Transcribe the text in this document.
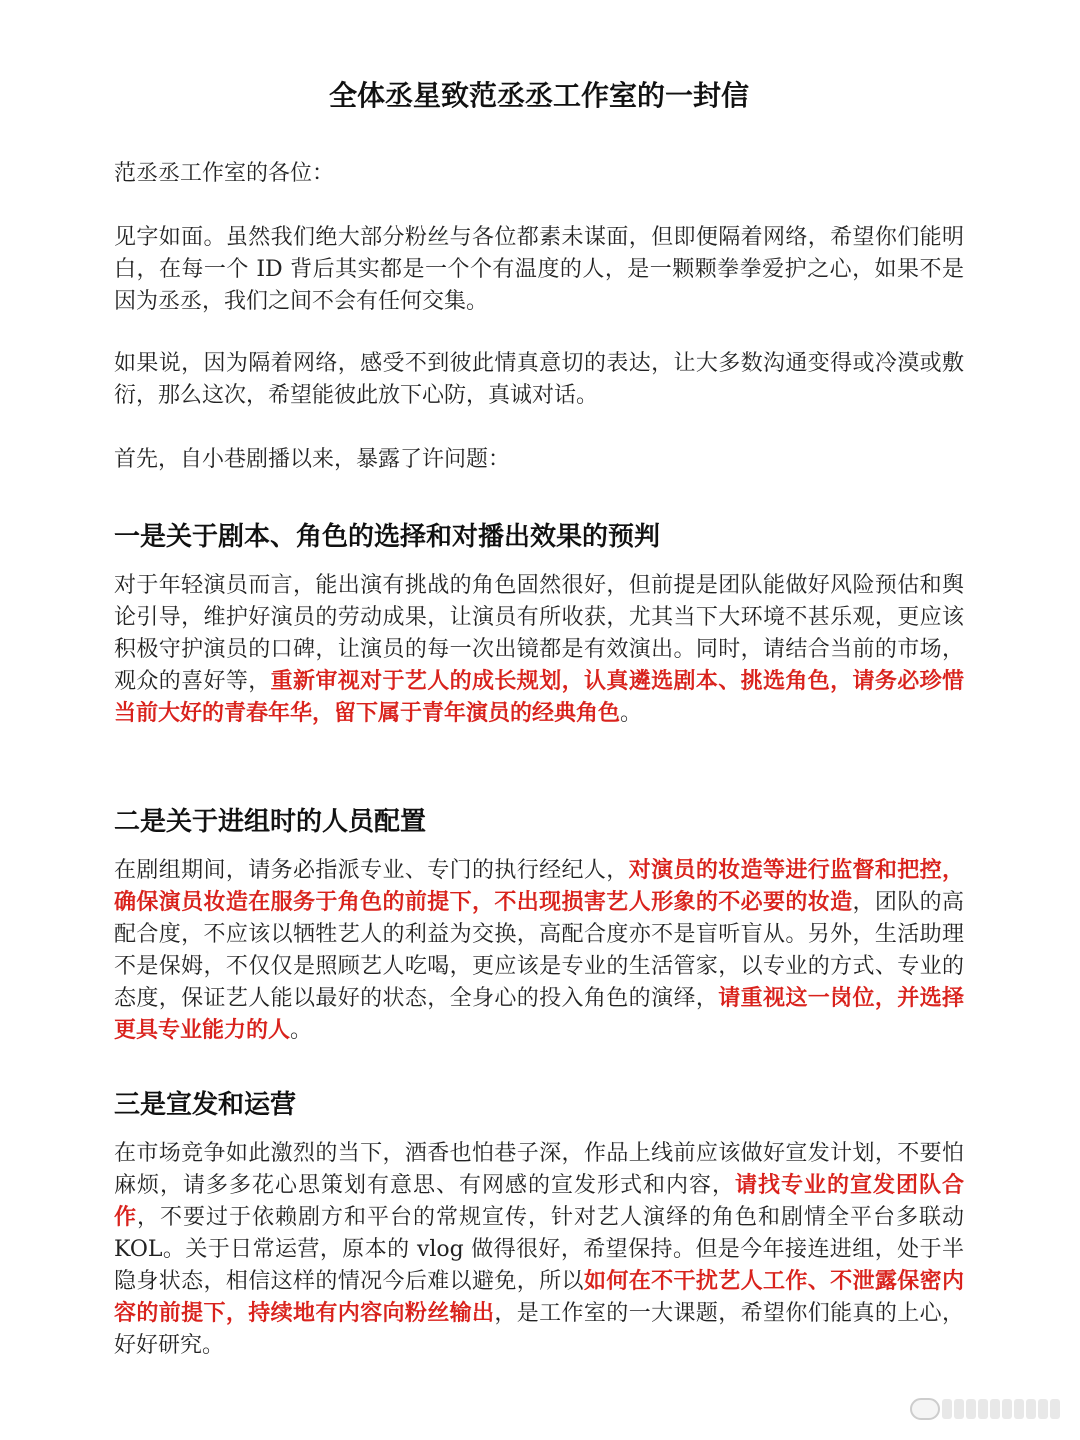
全体丞星致范丞丞工作室的一封信
范丞丞工作室的各位：
见字如面。虽然我们绝大部分粉丝与各位都素未谋面，但即便隔着网络，希望你们能明白，在每一个 ID 背后其实都是一个个有温度的人，是一颗颗拳拳爱护之心，如果不是因为丞丞，我们之间不会有任何交集。
如果说，因为隔着网络，感受不到彼此情真意切的表达，让大多数沟通变得或冷漠或敷衍，那么这次，希望能彼此放下心防，真诚对话。
首先，自小巷剧播以来，暴露了许问题：
一是关于剧本、角色的选择和对播出效果的预判
对于年轻演员而言，能出演有挑战的角色固然很好，但前提是团队能做好风险预估和舆论引导，维护好演员的劳动成果，让演员有所收获，尤其当下大环境不甚乐观，更应该积极守护演员的口碑，让演员的每一次出镜都是有效演出。同时，请结合当前的市场，观众的喜好等，重新审视对于艺人的成长规划，认真遴选剧本、挑选角色，请务必珍惜当前大好的青春年华，留下属于青年演员的经典角色。
二是关于进组时的人员配置
在剧组期间，请务必指派专业、专门的执行经纪人，对演员的妆造等进行监督和把控，确保演员妆造在服务于角色的前提下，不出现损害艺人形象的不必要的妆造，团队的高配合度，不应该以牺牲艺人的利益为交换，高配合度亦不是盲听盲从。另外，生活助理不是保姆，不仅仅是照顾艺人吃喝，更应该是专业的生活管家，以专业的方式、专业的态度，保证艺人能以最好的状态，全身心的投入角色的演绎，请重视这一岗位，并选择更具专业能力的人。
三是宣发和运营
在市场竞争如此激烈的当下，酒香也怕巷子深，作品上线前应该做好宣发计划，不要怕麻烦，请多多花心思策划有意思、有网感的宣发形式和内容，请找专业的宣发团队合作，不要过于依赖剧方和平台的常规宣传，针对艺人演绎的角色和剧情全平台多联动 KOL。关于日常运营，原本的 vlog 做得很好，希望保持。但是今年接连进组，处于半隐身状态，相信这样的情况今后难以避免，所以如何在不干扰艺人工作、不泄露保密内容的前提下，持续地有内容向粉丝输出，是工作室的一大课题，希望你们能真的上心，好好研究。
